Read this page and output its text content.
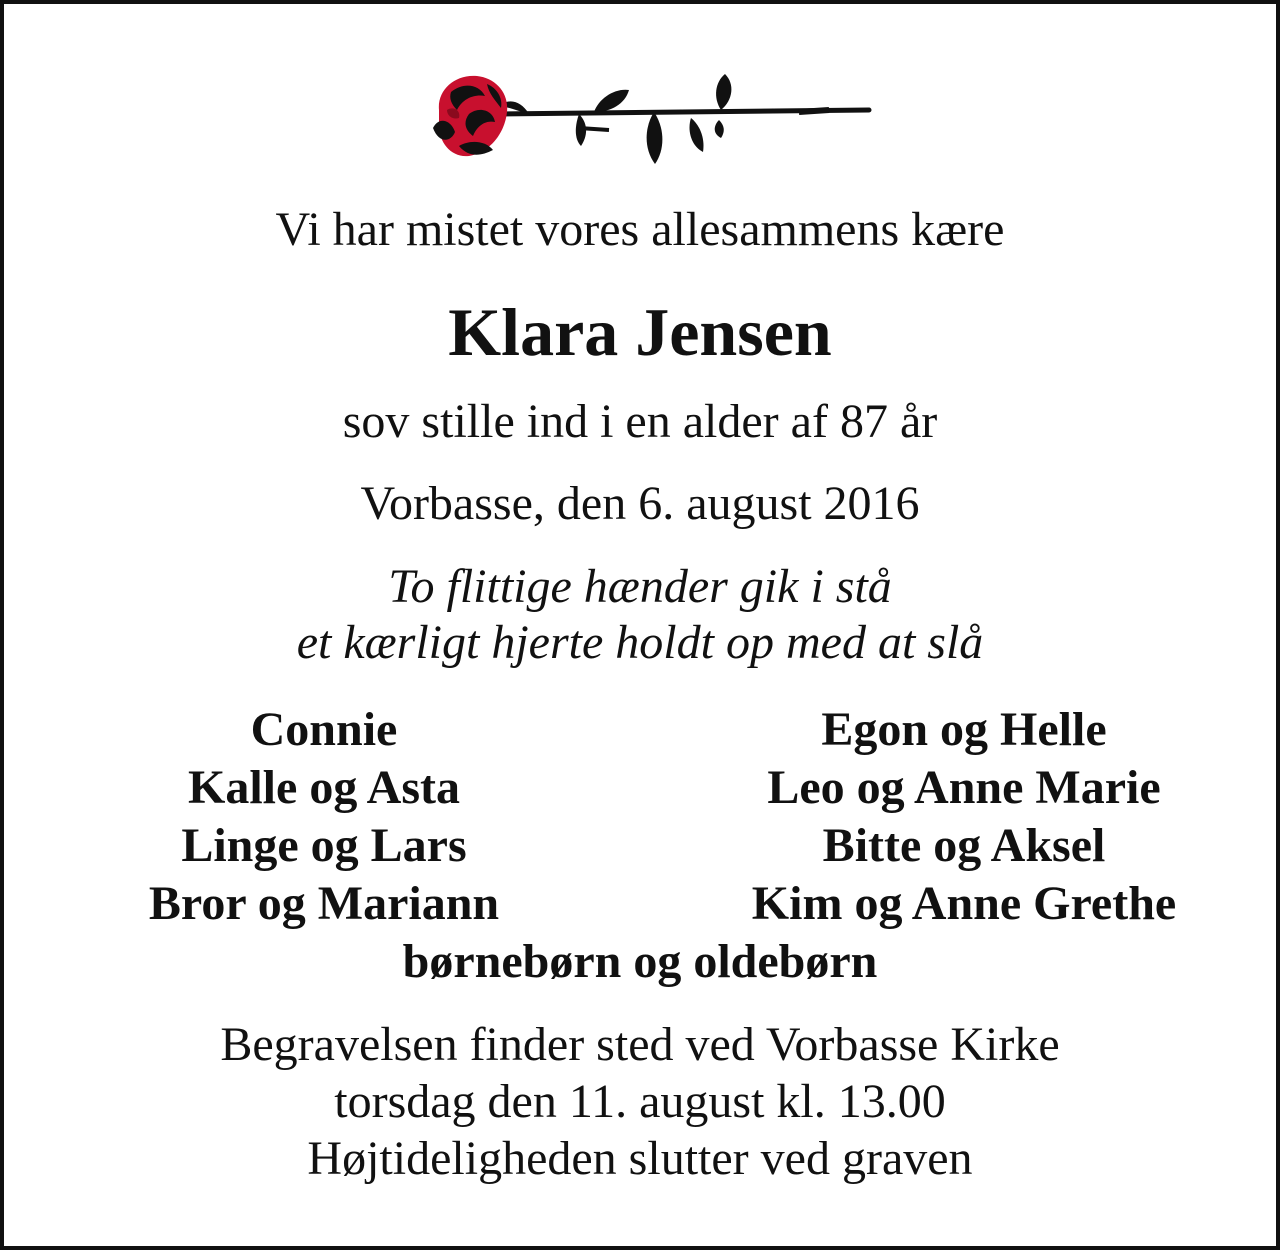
Vi har mistet vores allesammens kære
Klara Jensen
sov stille ind i en alder af 87 år
Vorbasse, den 6. august 2016
To flittige hænder gik i stå
et kærligt hjerte holdt op med at slå
Connie
Kalle og Asta
Linge og Lars
Bror og Mariann
Egon og Helle
Leo og Anne Marie
Bitte og Aksel
Kim og Anne Grethe
børnebørn og oldebørn
Begravelsen finder sted ved Vorbasse Kirke
torsdag den 11. august kl. 13.00
Højtideligheden slutter ved graven
